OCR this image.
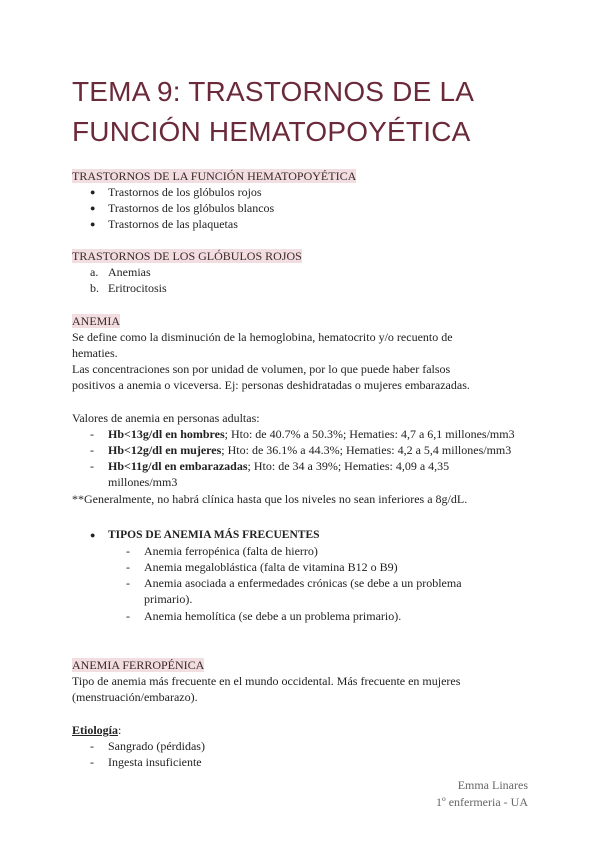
TEMA 9: TRASTORNOS DE LA
FUNCIÓN HEMATOPOYÉTICA
TRASTORNOS DE LA FUNCIÓN HEMATOPOYÉTICA
● Trastornos de los glóbulos rojos
● Trastornos de los glóbulos blancos
● Trastornos de las plaquetas
TRASTORNOS DE LOS GLÓBULOS ROJOS
a. Anemias
b. Eritrocitosis
ANEMIA
Se define como la disminución de la hemoglobina, hematocrito y/o recuento de
hematies.
Las concentraciones son por unidad de volumen, por lo que puede haber falsos
positivos a anemia o viceversa. Ej: personas deshidratadas o mujeres embarazadas.
Valores de anemia en personas adultas:
- Hb<13g/dl en hombres; Hto: de 40.7% a 50.3%; Hematies: 4,7 a 6,1 millones/mm3
- Hb<12g/dl en mujeres; Hto: de 36.1% a 44.3%; Hematies: 4,2 a 5,4 millones/mm3
- Hb<11g/dl en embarazadas; Hto: de 34 a 39%; Hematies: 4,09 a 4,35
millones/mm3
**Generalmente, no habrá clínica hasta que los niveles no sean inferiores a 8g/dL.
● TIPOS DE ANEMIA MÁS FRECUENTES
- Anemia ferropénica (falta de hierro)
- Anemia megaloblástica (falta de vitamina B12 o B9)
- Anemia asociada a enfermedades crónicas (se debe a un problema
primario).
- Anemia hemolítica (se debe a un problema primario).
ANEMIA FERROPÉNICA
Tipo de anemia más frecuente en el mundo occidental. Más frecuente en mujeres
(menstruación/embarazo).
Etiología:
- Sangrado (pérdidas)
- Ingesta insuficiente
Emma Linares
1º enfermeria - UA
